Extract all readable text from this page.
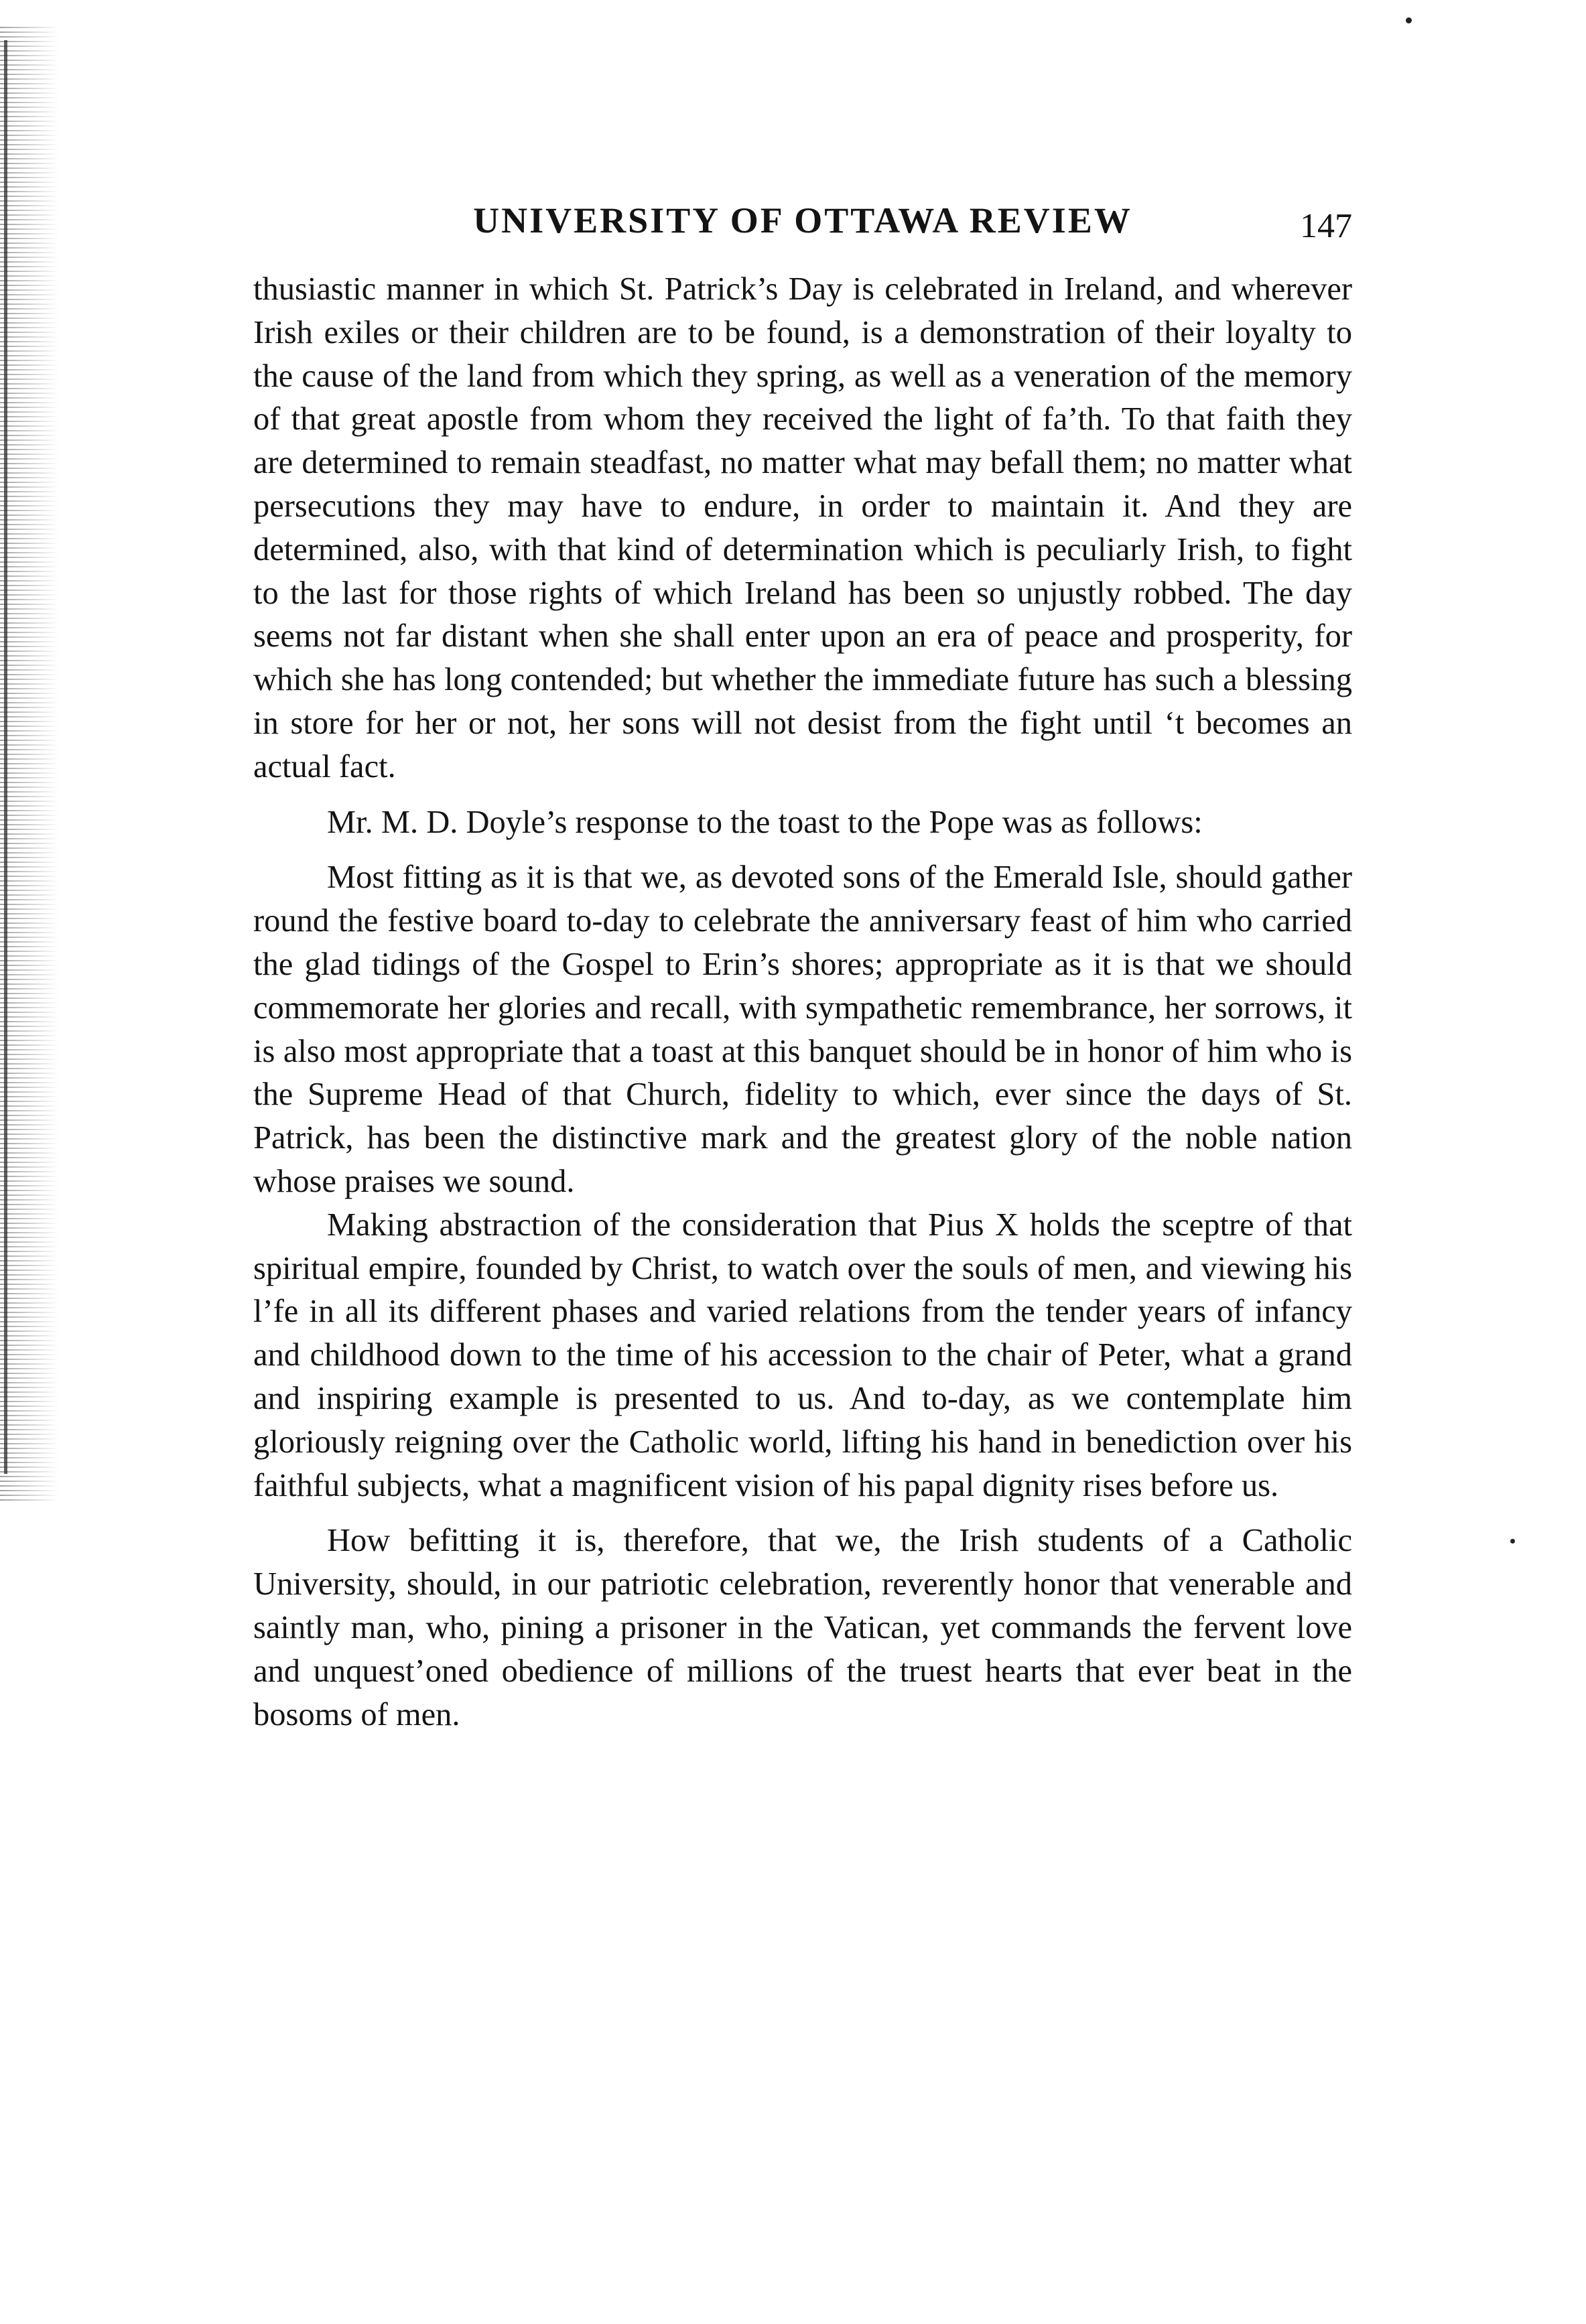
UNIVERSITY OF OTTAWA REVIEW	147

thusiastic manner in which St. Patrick’s Day is celebrated in Ireland, and wherever Irish exiles or their children are to be found, is a demonstration of their loyalty to the cause of the land from which they spring, as well as a veneration of the memory of that great apostle from whom they received the light of fa’th. To that faith they are determined to remain steadfast, no matter what may befall them; no matter what persecutions they may have to endure, in order to maintain it. And they are determined, also, with that kind of determination which is peculiarly Irish, to fight to the last for those rights of which Ireland has been so unjustly robbed. The day seems not far distant when she shall enter upon an era of peace and prosperity, for which she has long contended; but whether the immediate future has such a blessing in store for her or not, her sons will not desist from the fight until ‘t becomes an actual fact.

Mr. M. D. Doyle’s response to the toast to the Pope was as follows:

Most fitting as it is that we, as devoted sons of the Emerald Isle, should gather round the festive board to-day to celebrate the anniversary feast of him who carried the glad tidings of the Gospel to Erin’s shores; appropriate as it is that we should commemorate her glories and recall, with sympathetic remembrance, her sorrows, it is also most appropriate that a toast at this banquet should be in honor of him who is the Supreme Head of that Church, fidelity to which, ever since the days of St. Patrick, has been the distinctive mark and the greatest glory of the noble nation whose praises we sound.

Making abstraction of the consideration that Pius X holds the sceptre of that spiritual empire, founded by Christ, to watch over the souls of men, and viewing his l’fe in all its different phases and varied relations from the tender years of infancy and childhood down to the time of his accession to the chair of Peter, what a grand and inspiring example is presented to us. And to-day, as we contemplate him gloriously reigning over the Catholic world, lifting his hand in benediction over his faithful subjects, what a magnificent vision of his papal dignity rises before us.

How befitting it is, therefore, that we, the Irish students of a Catholic University, should, in our patriotic celebration, reverently honor that venerable and saintly man, who, pining a prisoner in the Vatican, yet commands the fervent love and unquest’oned obedience of millions of the truest hearts that ever beat in the bosoms of men.
